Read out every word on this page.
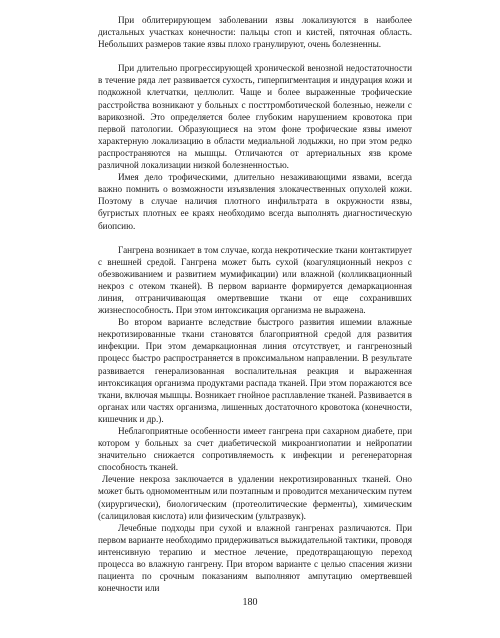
При облитерирующем заболевании язвы локализуются в наиболее дистальных участках конечности: пальцы стоп и кистей, пяточная область. Небольших размеров такие язвы плохо гранулируют, очень болезненны.

При длительно прогрессирующей хронической венозной недостаточности в течение ряда лет развивается сухость, гиперпигментация и индурация кожи и подкожной клетчатки, целлюлит. Чаще и более выраженные трофические расстройства возникают у больных с посттромботической болезнью, нежели с варикозной. Это определяется более глубоким нарушением кровотока при первой патологии. Образующиеся на этом фоне трофические язвы имеют характерную локализацию в области медиальной лодыжки, но при этом редко распространяются на мышцы. Отличаются от артериальных язв кроме различной локализации низкой болезненностью.

Имея дело трофическими, длительно незаживающими язвами, всегда важно помнить о возможности изъязвления злокачественных опухолей кожи. Поэтому в случае наличия плотного инфильтрата в окружности язвы, бугристых плотных ее краях необходимо всегда выполнять диагностическую биопсию.

Гангрена возникает в том случае, когда некротические ткани контактирует с внешней средой. Гангрена может быть сухой (коагуляционный некроз с обезвоживанием и развитием мумификации) или влажной (колликвационный некроз с отеком тканей). В первом варианте формируется демаркационная линия, отграничивающая омертвевшие ткани от еще сохранивших жизнеспособность. При этом интоксикация организма не выражена.

Во втором варианте вследствие быстрого развития ишемии влажные некротизированные ткани становятся благоприятной средой для развития инфекции. При этом демаркационная линия отсутствует, и гангренозный процесс быстро распространяется в проксимальном направлении. В результате развивается генерализованная воспалительная реакция и выраженная интоксикация организма продуктами распада тканей. При этом поражаются все ткани, включая мышцы. Возникает гнойное расплавление тканей. Развивается в органах или частях организма, лишенных достаточного кровотока (конечности, кишечник и др.).

Неблагоприятные особенности имеет гангрена при сахарном диабете, при котором у больных за счет диабетической микроангиопатии и нейропатии значительно снижается сопротивляемость к инфекции и регенераторная способность тканей.

Лечение некроза заключается в удалении некротизированных тканей. Оно может быть одномоментным или поэтапным и проводится механическим путем (хирургически), биологическим (протеолитические ферменты), химическим (салициловая кислота) или физическим (ультразвук).

Лечебные подходы при сухой и влажной гангренах различаются. При первом варианте необходимо придерживаться выжидательной тактики, проводя интенсивную терапию и местное лечение, предотвращающую переход процесса во влажную гангрену. При втором варианте с целью спасения жизни пациента по срочным показаниям выполняют ампутацию омертвевшей конечности или

180
